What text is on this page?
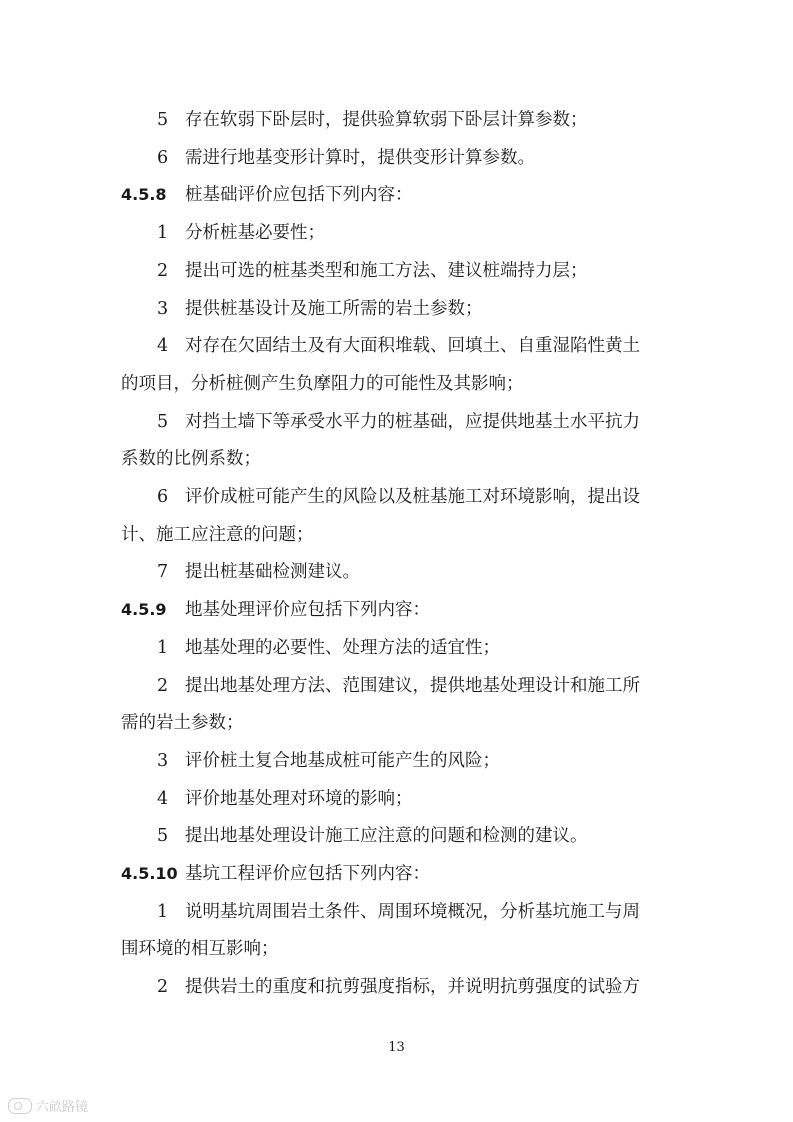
5 存在软弱下卧层时，提供验算软弱下卧层计算参数；
6 需进行地基变形计算时，提供变形计算参数。
4.5.8 桩基础评价应包括下列内容：
1 分析桩基必要性；
2 提出可选的桩基类型和施工方法、建议桩端持力层；
3 提供桩基设计及施工所需的岩土参数；
4 对存在欠固结土及有大面积堆载、回填土、自重湿陷性黄土
的项目，分析桩侧产生负摩阻力的可能性及其影响；
5 对挡土墙下等承受水平力的桩基础，应提供地基土水平抗力
系数的比例系数；
6 评价成桩可能产生的风险以及桩基施工对环境影响，提出设
计、施工应注意的问题；
7 提出桩基础检测建议。
4.5.9 地基处理评价应包括下列内容：
1 地基处理的必要性、处理方法的适宜性；
2 提出地基处理方法、范围建议，提供地基处理设计和施工所
需的岩土参数；
3 评价桩土复合地基成桩可能产生的风险；
4 评价地基处理对环境的影响；
5 提出地基处理设计施工应注意的问题和检测的建议。
4.5.10 基坑工程评价应包括下列内容：
1 说明基坑周围岩土条件、周围环境概况，分析基坑施工与周
围环境的相互影响；
2 提供岩土的重度和抗剪强度指标，并说明抗剪强度的试验方
13
六畝路镜
